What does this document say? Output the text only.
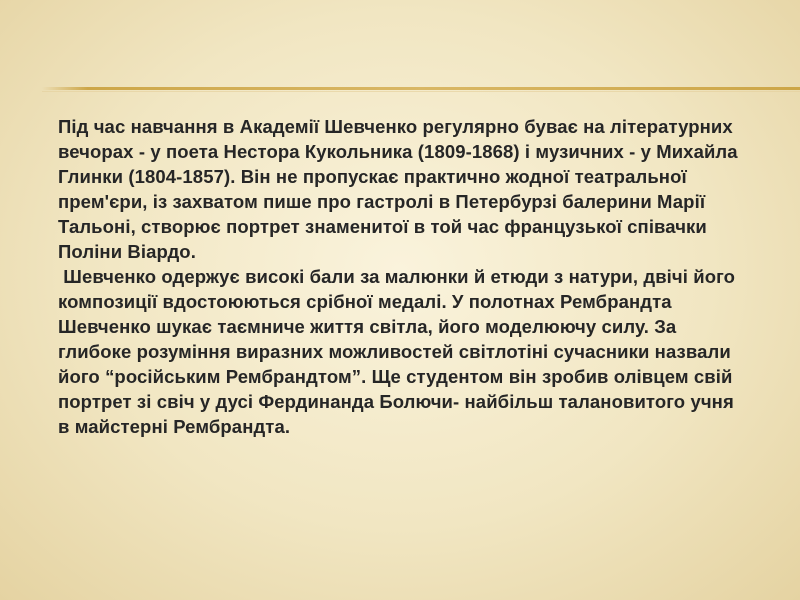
Під час навчання в Академії Шевченко регулярно буває на літературних вечорах - у поета Нестора Кукольника (1809-1868) і музичних - у Михайла Глинки (1804-1857). Він не пропускає практично жодної театральної прем'єри, із захватом пише про гастролі в Петербурзі балерини Марії Тальоні, створює портрет знаменитої в той час французької співачки Поліни Віардо.

Шевченко одержує високі бали за малюнки й етюди з натури, двічі його композиції вдостоюються срібної медалі. У полотнах Рембрандта Шевченко шукає таємниче життя світла, його моделюючу силу. За глибоке розуміння виразних можливостей світлотіні сучасники назвали його “російським Рембрандтом”. Ще студентом він зробив олівцем свій портрет зі свіч у дусі Фердинанда Болючи- найбільш талановитого учня в майстерні Рембрандта.
